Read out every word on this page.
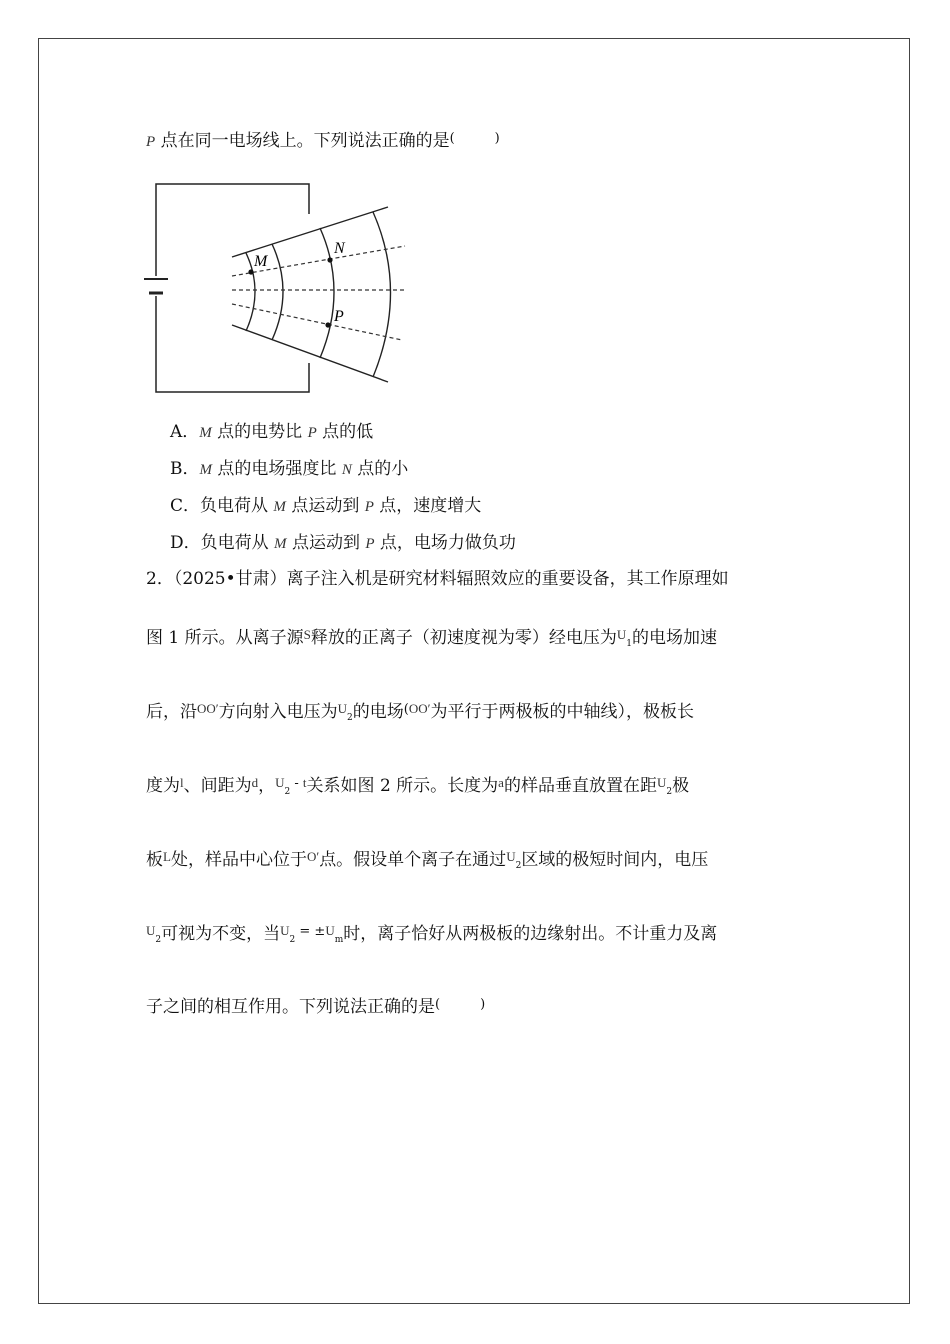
P 点在同一电场线上。下列说法正确的是(	)
M
N
P
A．M 点的电势比 P 点的低
B．M 点的电场强度比 N 点的小
C．负电荷从 M 点运动到 P 点，速度增大
D．负电荷从 M 点运动到 P 点，电场力做负功
2．（2025•甘肃）离子注入机是研究材料辐照效应的重要设备，其工作原理如
图 1 所示。从离子源$^S$释放的正离子（初速度视为零）经电压为$^U_1$的电场加速
后，沿$^{OO'}$方向射入电压为$^U_2$的电场$^{(OO'}$为平行于两极板的中轴线），极板长
度为$^l$、间距为$^d$，$^U_2$ - $^t$关系如图 2 所示。长度为$^a$的样品垂直放置在距$^U_2$极
板$^L$处，样品中心位于$^{O'}$点。假设单个离子在通过$^U_2$区域的极短时间内，电压
$^U_2$可视为不变，当$^U_2$ $^{= \pm U}_m$时，离子恰好从两极板的边缘射出。不计重力及离
子之间的相互作用。下列说法正确的是(	)
